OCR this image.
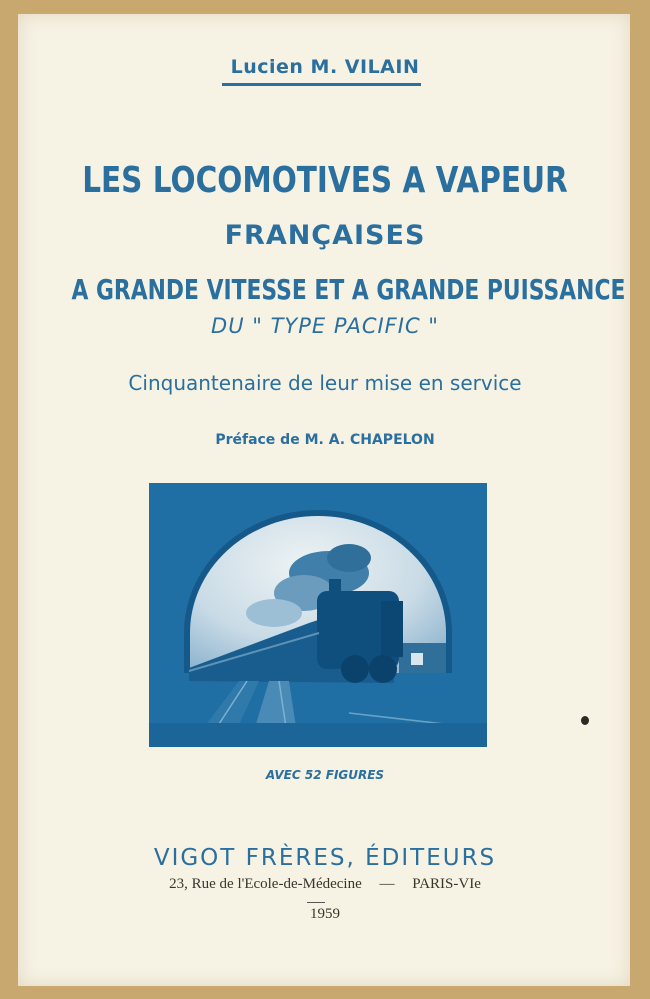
Lucien M. VILAIN
LES LOCOMOTIVES A VAPEUR
FRANÇAISES
A GRANDE VITESSE ET A GRANDE PUISSANCE
DU " TYPE PACIFIC "
Cinquantenaire de leur mise en service
Préface de M. A. CHAPELON
AVEC 52 FIGURES
VIGOT FRÈRES, ÉDITEURS
23, Rue de l'Ecole-de-Médecine — PARIS-VIe
1959
